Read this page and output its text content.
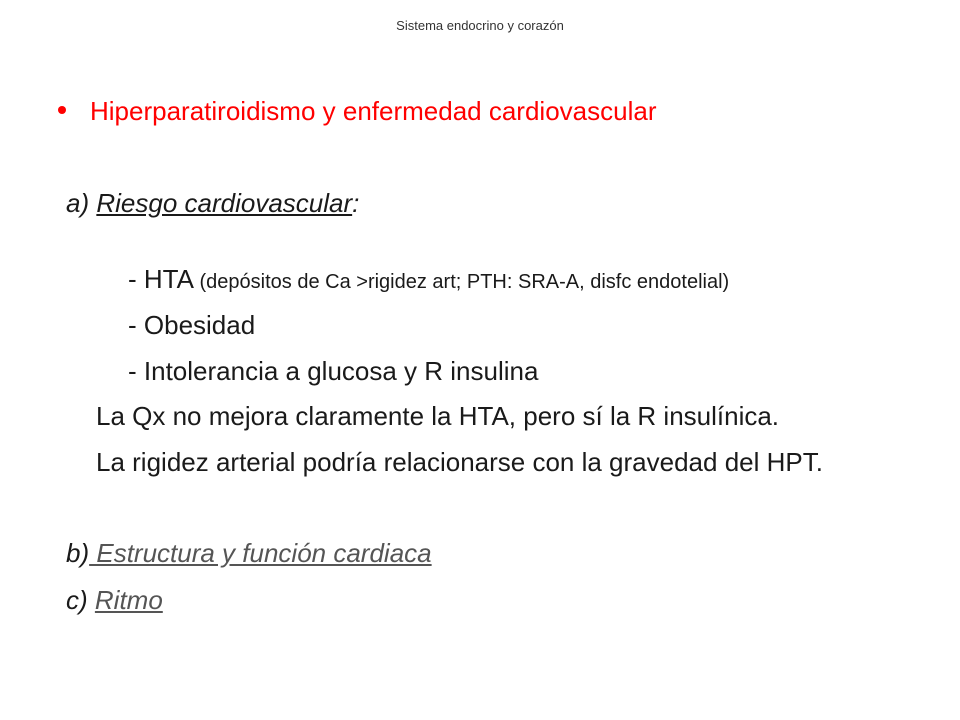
Sistema endocrino y corazón
Hiperparatiroidismo y enfermedad cardiovascular
a) Riesgo cardiovascular:
- HTA (depósitos de Ca >rigidez art; PTH: SRA-A, disfc endotelial)
- Obesidad
- Intolerancia a glucosa y R insulina
La Qx no mejora claramente la HTA, pero sí la R insulínica.
La rigidez arterial podría relacionarse con la gravedad del HPT.
b) Estructura y función cardiaca
c) Ritmo
